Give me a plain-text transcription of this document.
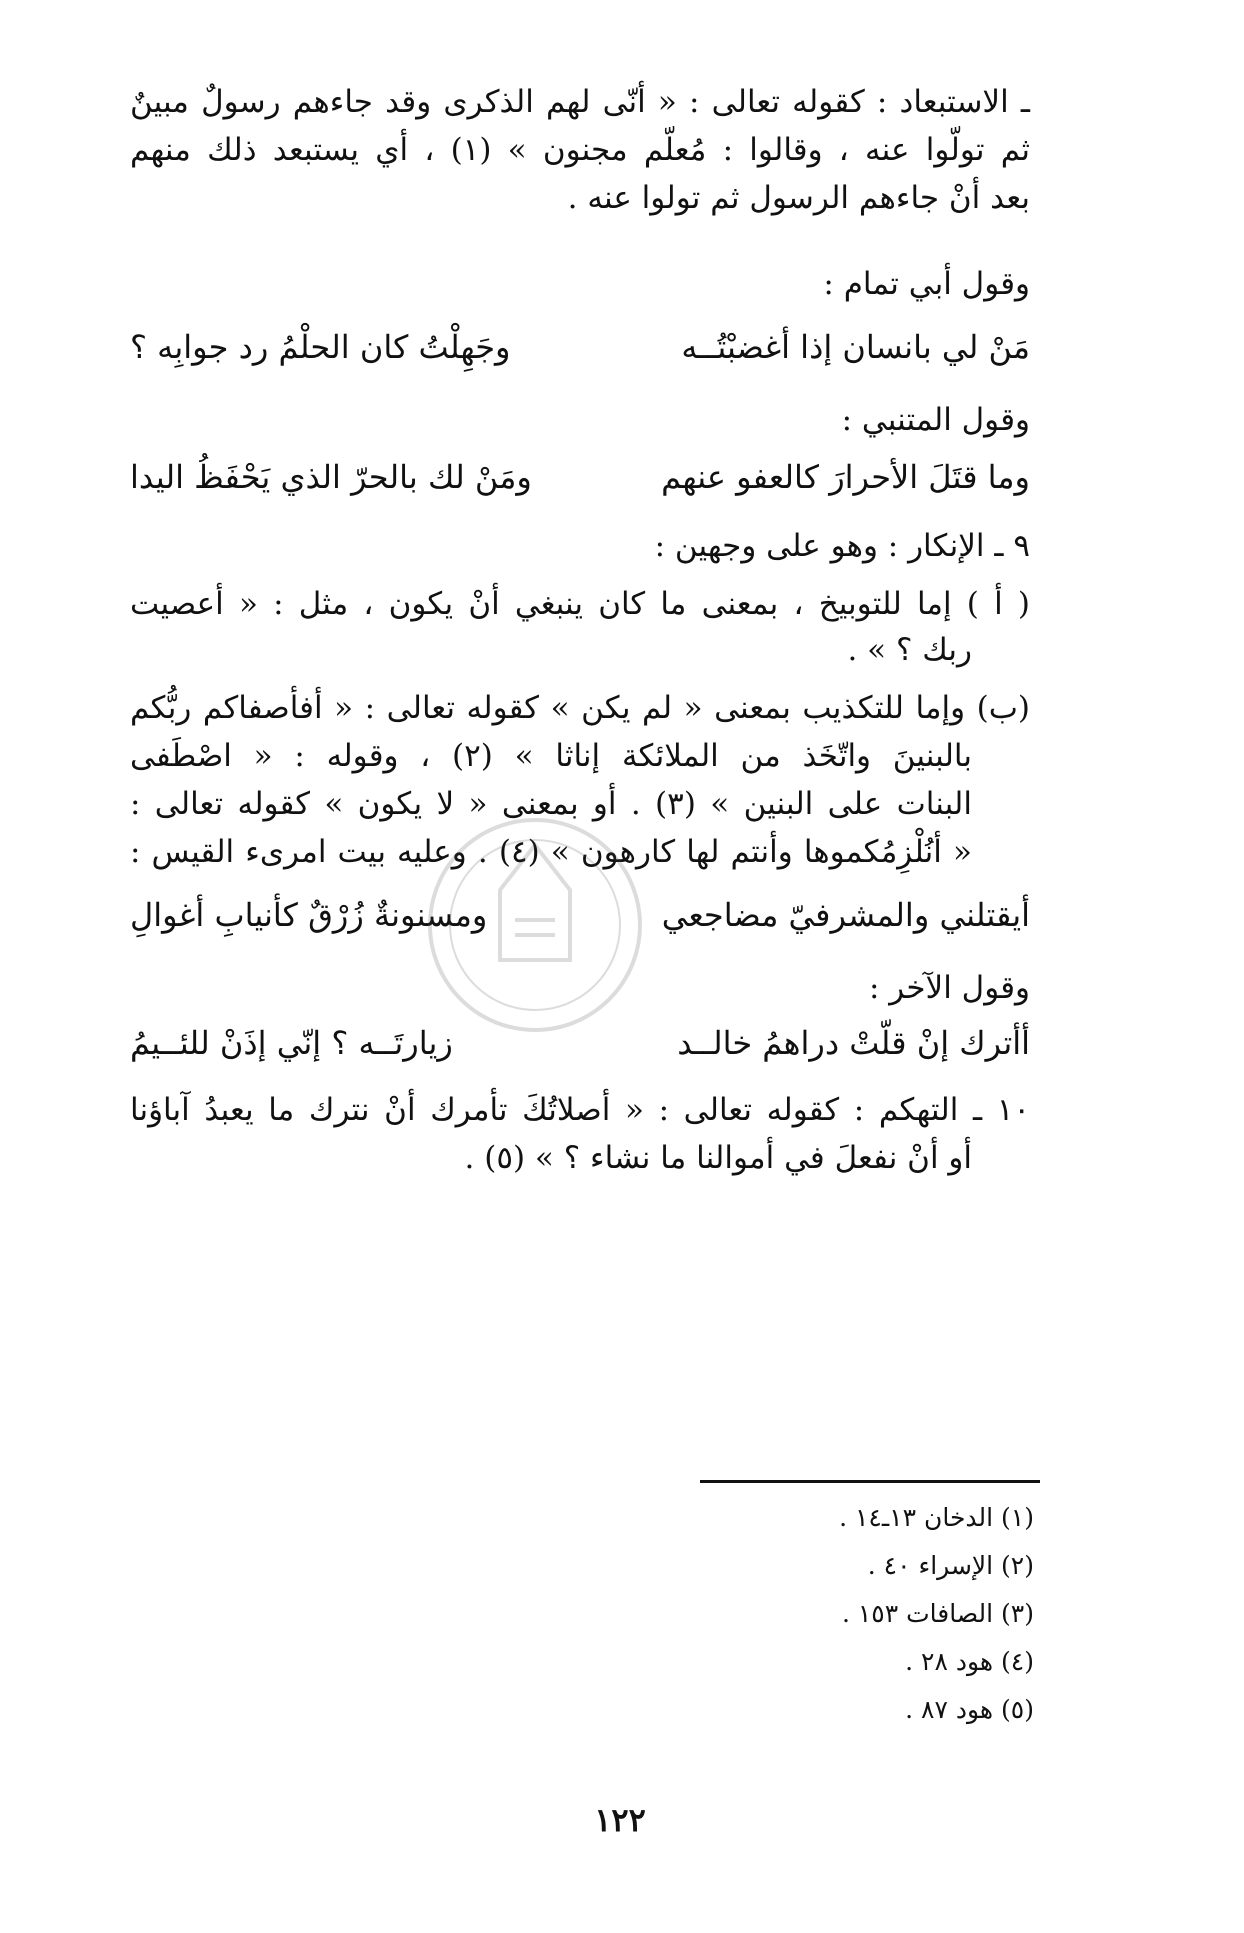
ـ الاستبعاد : كقوله تعالى : « أنّى لهم الذكرى وقد جاءهم رسولٌ مبينٌ
ثم تولّوا عنه ، وقالوا : مُعلّم مجنون » (١) ، أي يستبعد ذلك منهم
بعد أنْ جاءهم الرسول ثم تولوا عنه .
وقول أبي تمام :
مَنْ لي بانسان إذا أغضبْتُــه
وجَهِلْتُ كان الحلْمُ رد جوابِه ؟
وقول المتنبي :
وما قتَلَ الأحرارَ كالعفو عنهم
ومَنْ لك بالحرّ الذي يَحْفَظُ اليدا
٩ ـ الإنكار : وهو على وجهين :
( أ ) إما للتوبيخ ، بمعنى ما كان ينبغي أنْ يكون ، مثل : « أعصيت
ربك ؟ » .
(ب) وإما للتكذيب بمعنى « لم يكن » كقوله تعالى : « أفأصفاكم ربُّكم
بالبنينَ واتّخَذ من الملائكة إناثا » (٢) ، وقوله : « اصْطَفى
البنات على البنين » (٣) . أو بمعنى « لا يكون » كقوله تعالى :
« أنُلْزِمُكموها وأنتم لها كارهون » (٤) . وعليه بيت امرىء القيس :
أيقتلني والمشرفيّ مضاجعي
ومسنونةٌ زُرْقٌ كأنيابِ أغوالِ
وقول الآخر :
أأترك إنْ قلّتْ دراهمُ خالــد
زيارتَــه ؟ إنّي إذَنْ للئــيمُ
١٠ ـ التهكم : كقوله تعالى : « أصلاتُكَ تأمرك أنْ نترك ما يعبدُ آباؤنا
أو أنْ نفعلَ في أموالنا ما نشاء ؟ » (٥) .
(١) الدخان ١٣ـ١٤ .
(٢) الإسراء ٤٠ .
(٣) الصافات ١٥٣ .
(٤) هود ٢٨ .
(٥) هود ٨٧ .
١٢٢
